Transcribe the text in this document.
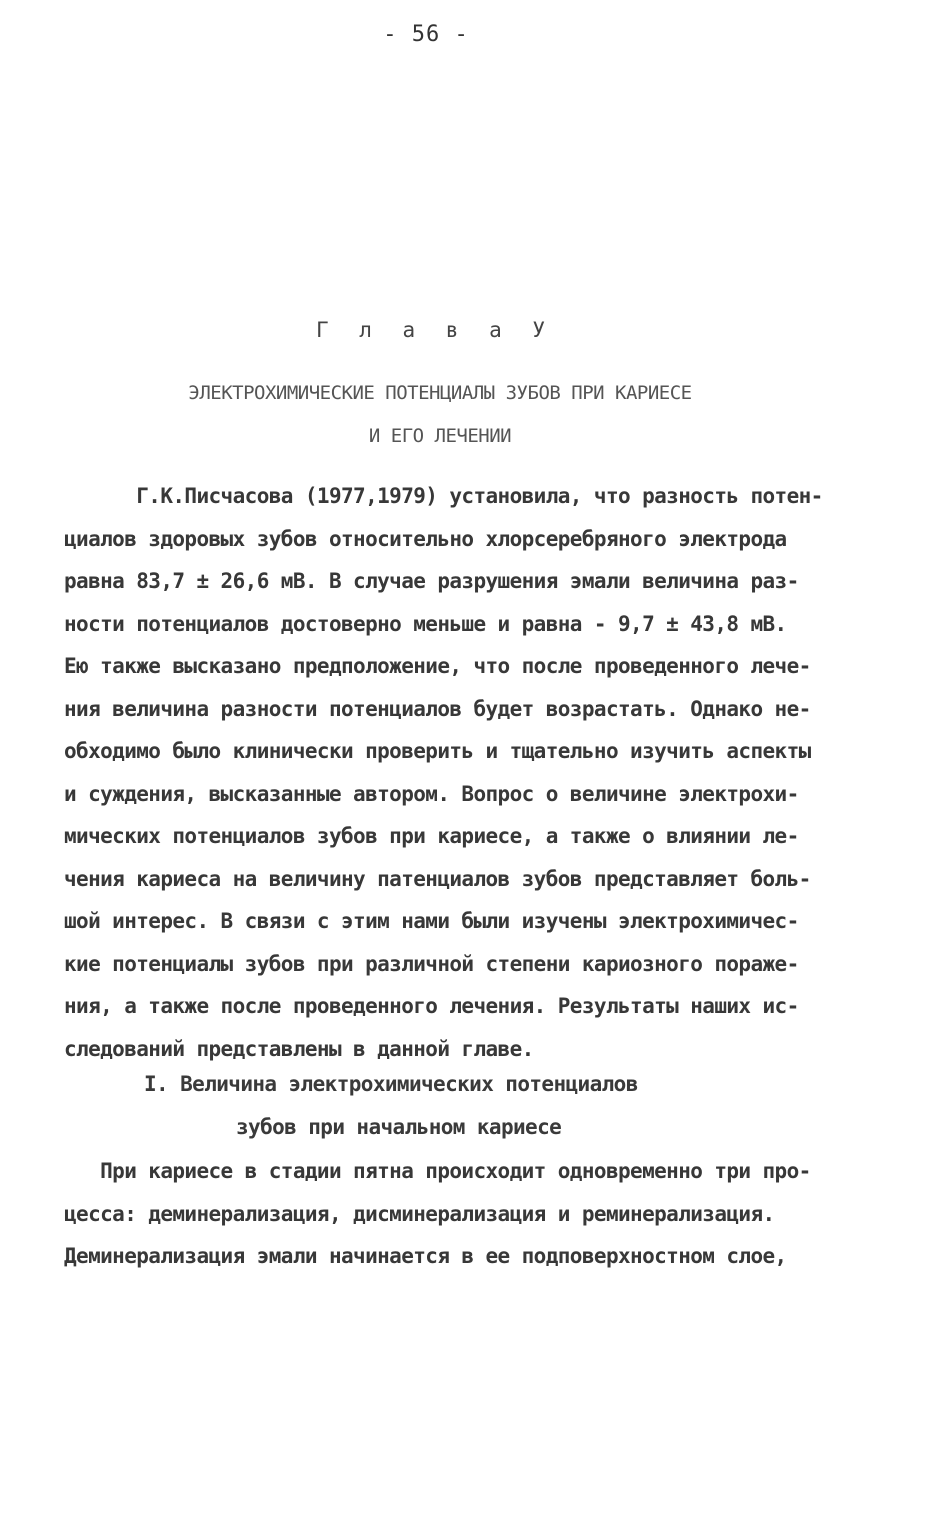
- 56 -
Г л а в а У
ЭЛЕКТРОХИМИЧЕСКИЕ ПОТЕНЦИАЛЫ ЗУБОВ ПРИ КАРИЕСЕ
И ЕГО ЛЕЧЕНИИ
Г.К.Писчасова (1977,1979) установила, что разность потен-
циалов здоровых зубов относительно хлорсеребряного электрода
равна 83,7 ± 26,6 мВ. В случае разрушения эмали величина раз-
ности потенциалов достоверно меньше и равна - 9,7 ± 43,8 мВ.
Ею также высказано предположение, что после проведенного лече-
ния величина разности потенциалов будет возрастать. Однако не-
обходимо было клинически проверить и тщательно изучить аспекты
и суждения, высказанные автором. Вопрос о величине электрохи-
мических потенциалов зубов при кариесе, а также о влиянии ле-
чения кариеса на величину патенциалов зубов представляет боль-
шой интерес. В связи с этим нами были изучены электрохимичес-
кие потенциалы зубов при различной степени кариозного пораже-
ния, а также после проведенного лечения. Результаты наших ис-
следований представлены в данной главе.
I. Величина электрохимических потенциалов
зубов при начальном кариесе
При кариесе в стадии пятна происходит одновременно три про-
цесса: деминерализация, дисминерализация и реминерализация.
Деминерализация эмали начинается в ее подповерхностном слое,
